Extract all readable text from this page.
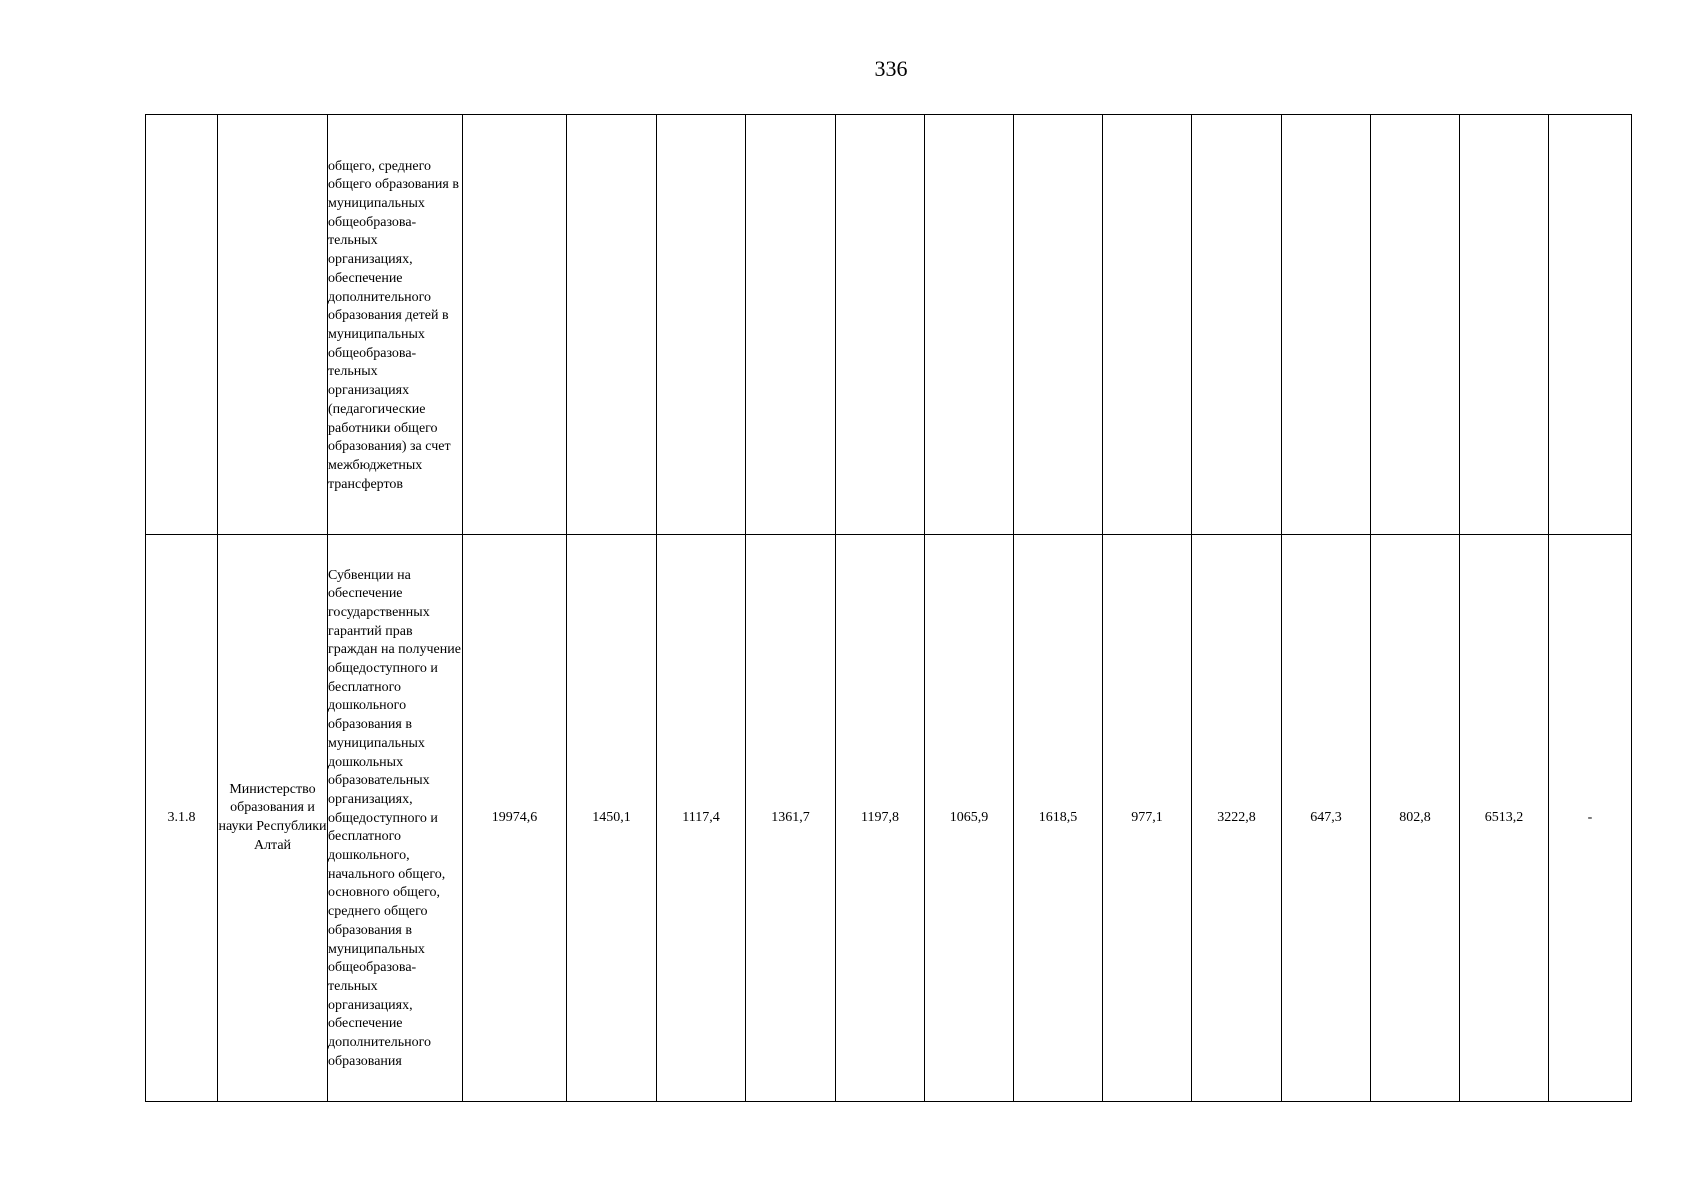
336
		общего, среднего общего образования в муниципальных общеобразова-тельных организациях, обеспечение дополнительного образования детей в муниципальных общеобразова-тельных организациях (педагогические работники общего образования) за счет межбюджетных трансфертов													
3.1.8	Министерство образования и науки Республики Алтай	Субвенции на обеспечение государственных гарантий прав граждан на получение общедоступного и бесплатного дошкольного образования в муниципальных дошкольных образовательных организациях, общедоступного и бесплатного дошкольного, начального общего, основного общего, среднего общего образования в муниципальных общеобразова-тельных организациях, обеспечение дополнительного образования	19974,6	1450,1	1117,4	1361,7	1197,8	1065,9	1618,5	977,1	3222,8	647,3	802,8	6513,2	-
